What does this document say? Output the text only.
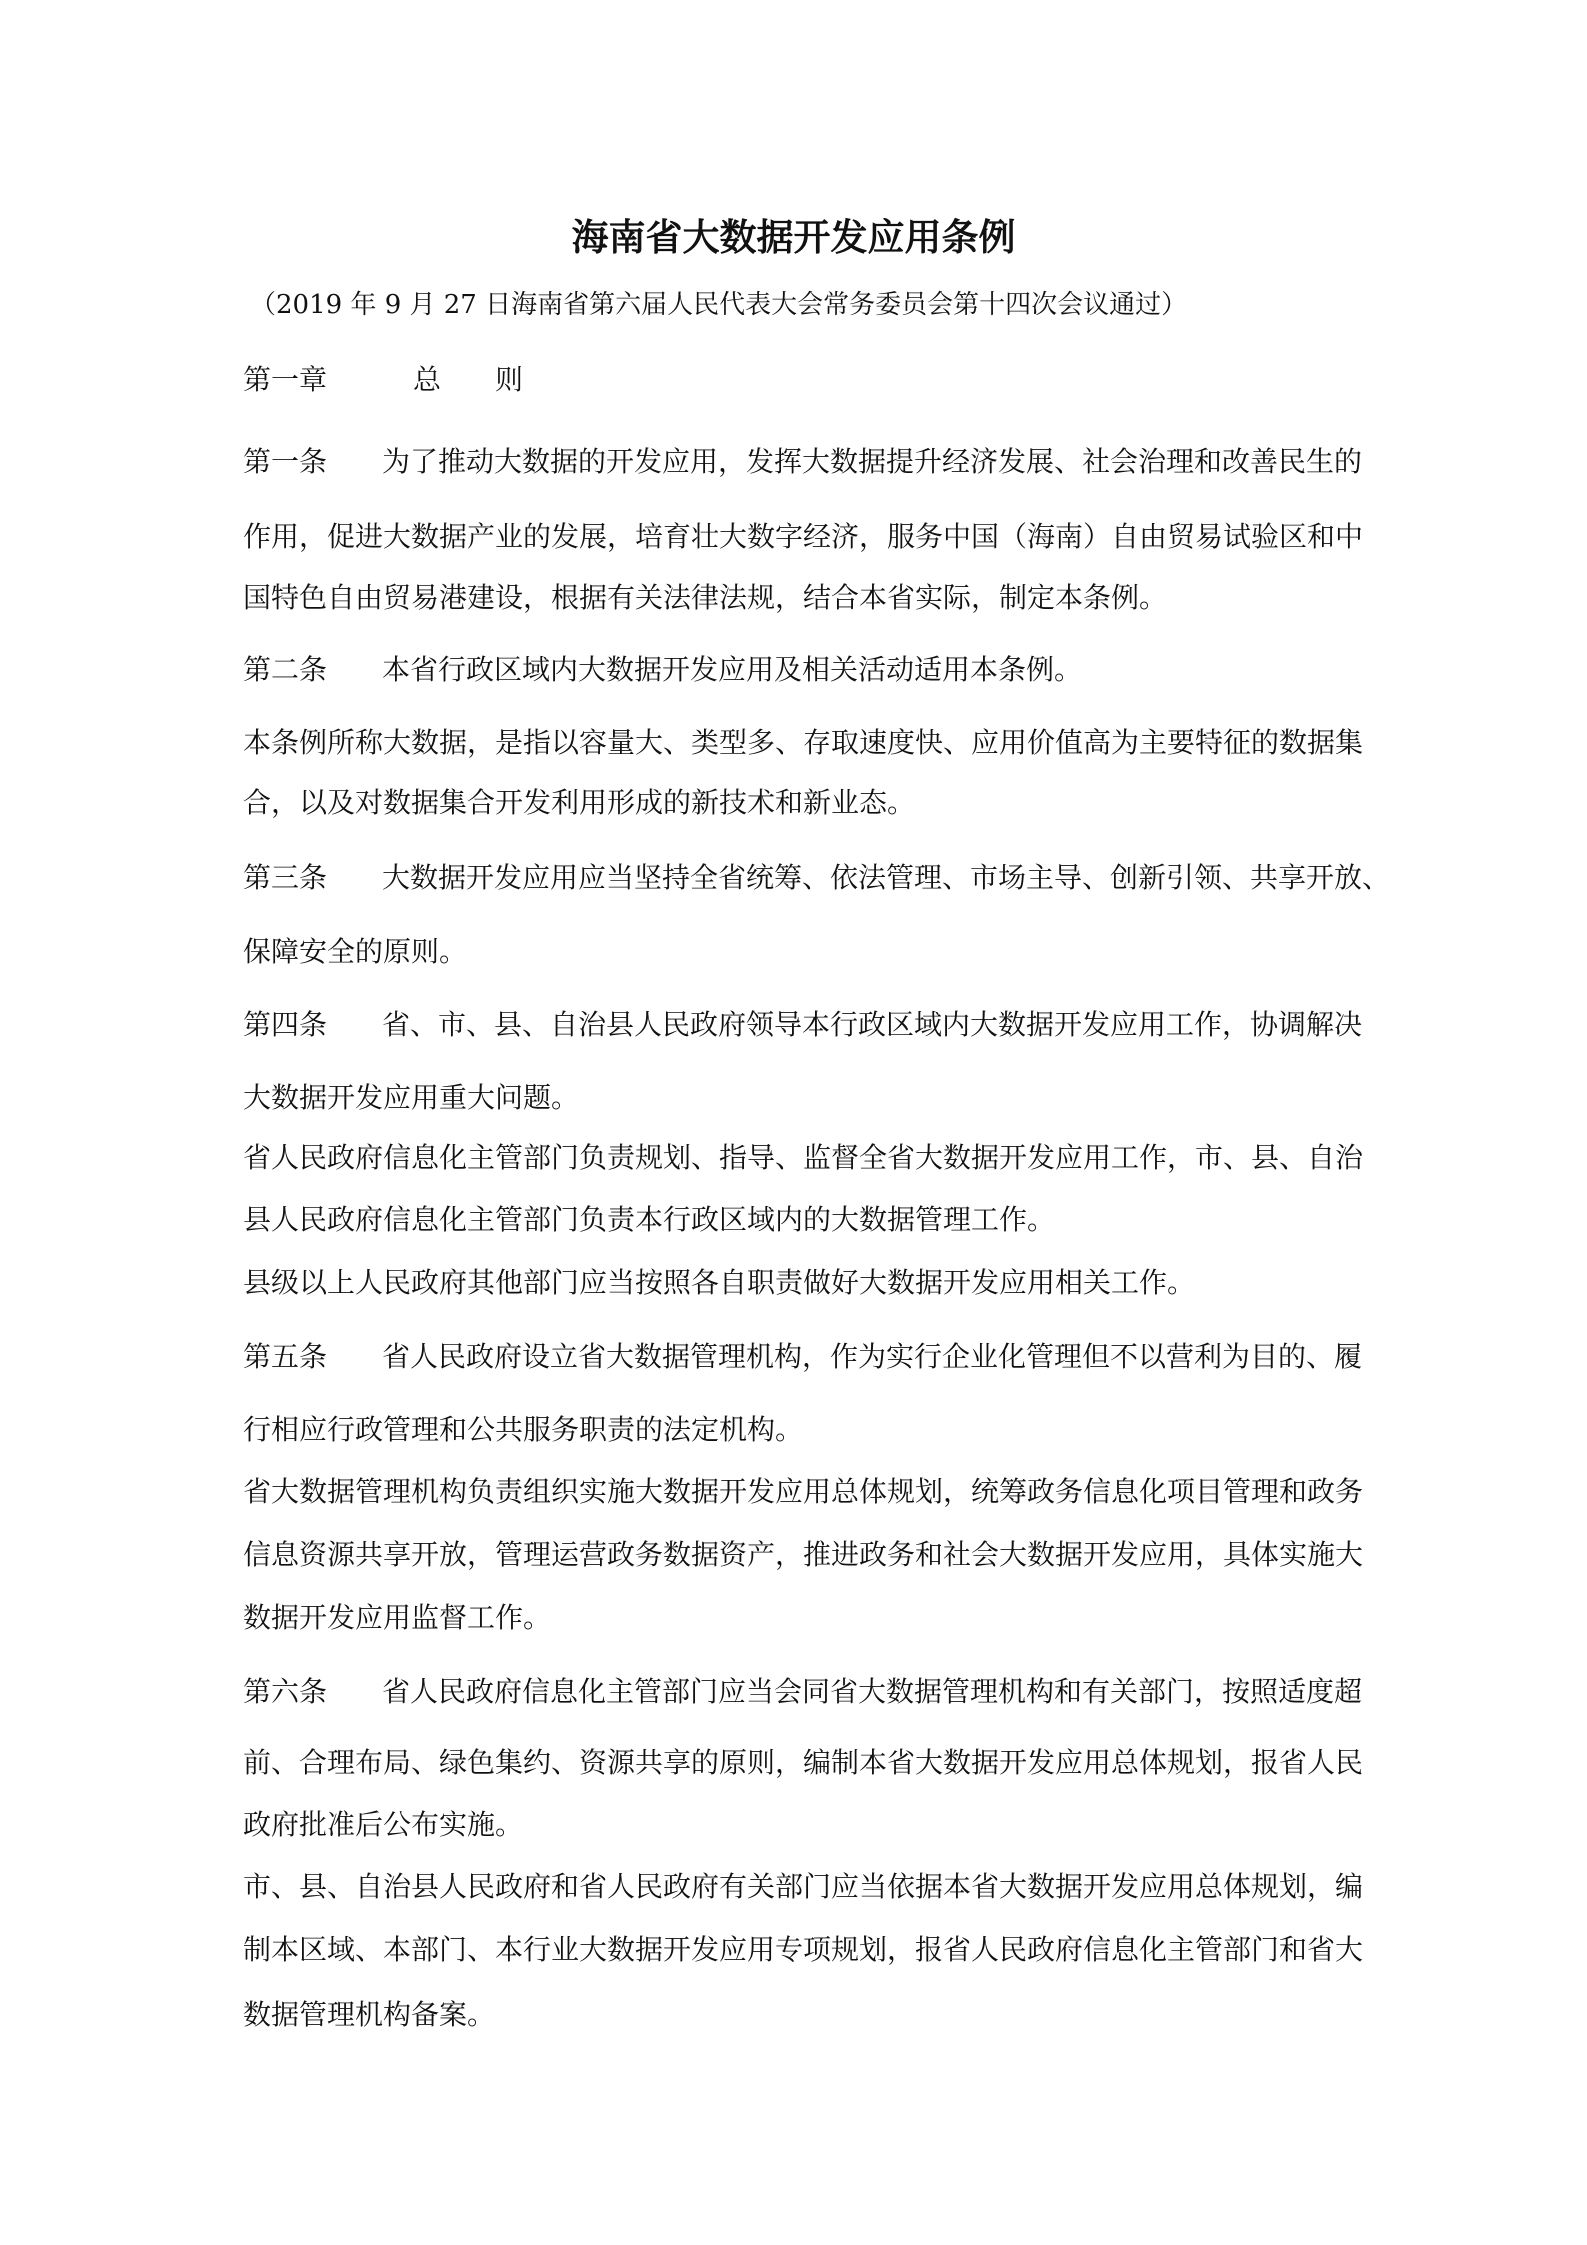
海南省大数据开发应用条例
（2019 年 9 月 27 日海南省第六届人民代表大会常务委员会第十四次会议通过）
第一章	总 则
第一条 为了推动大数据的开发应用，发挥大数据提升经济发展、社会治理和改善民生的
作用，促进大数据产业的发展，培育壮大数字经济，服务中国（海南）自由贸易试验区和中
国特色自由贸易港建设，根据有关法律法规，结合本省实际，制定本条例。
第二条 本省行政区域内大数据开发应用及相关活动适用本条例。
本条例所称大数据，是指以容量大、类型多、存取速度快、应用价值高为主要特征的数据集
合，以及对数据集合开发利用形成的新技术和新业态。
第三条 大数据开发应用应当坚持全省统筹、依法管理、市场主导、创新引领、共享开放、
保障安全的原则。
第四条 省、市、县、自治县人民政府领导本行政区域内大数据开发应用工作，协调解决
大数据开发应用重大问题。
省人民政府信息化主管部门负责规划、指导、监督全省大数据开发应用工作，市、县、自治
县人民政府信息化主管部门负责本行政区域内的大数据管理工作。
县级以上人民政府其他部门应当按照各自职责做好大数据开发应用相关工作。
第五条 省人民政府设立省大数据管理机构，作为实行企业化管理但不以营利为目的、履
行相应行政管理和公共服务职责的法定机构。
省大数据管理机构负责组织实施大数据开发应用总体规划，统筹政务信息化项目管理和政务
信息资源共享开放，管理运营政务数据资产，推进政务和社会大数据开发应用，具体实施大
数据开发应用监督工作。
第六条 省人民政府信息化主管部门应当会同省大数据管理机构和有关部门，按照适度超
前、合理布局、绿色集约、资源共享的原则，编制本省大数据开发应用总体规划，报省人民
政府批准后公布实施。
市、县、自治县人民政府和省人民政府有关部门应当依据本省大数据开发应用总体规划，编
制本区域、本部门、本行业大数据开发应用专项规划，报省人民政府信息化主管部门和省大
数据管理机构备案。
